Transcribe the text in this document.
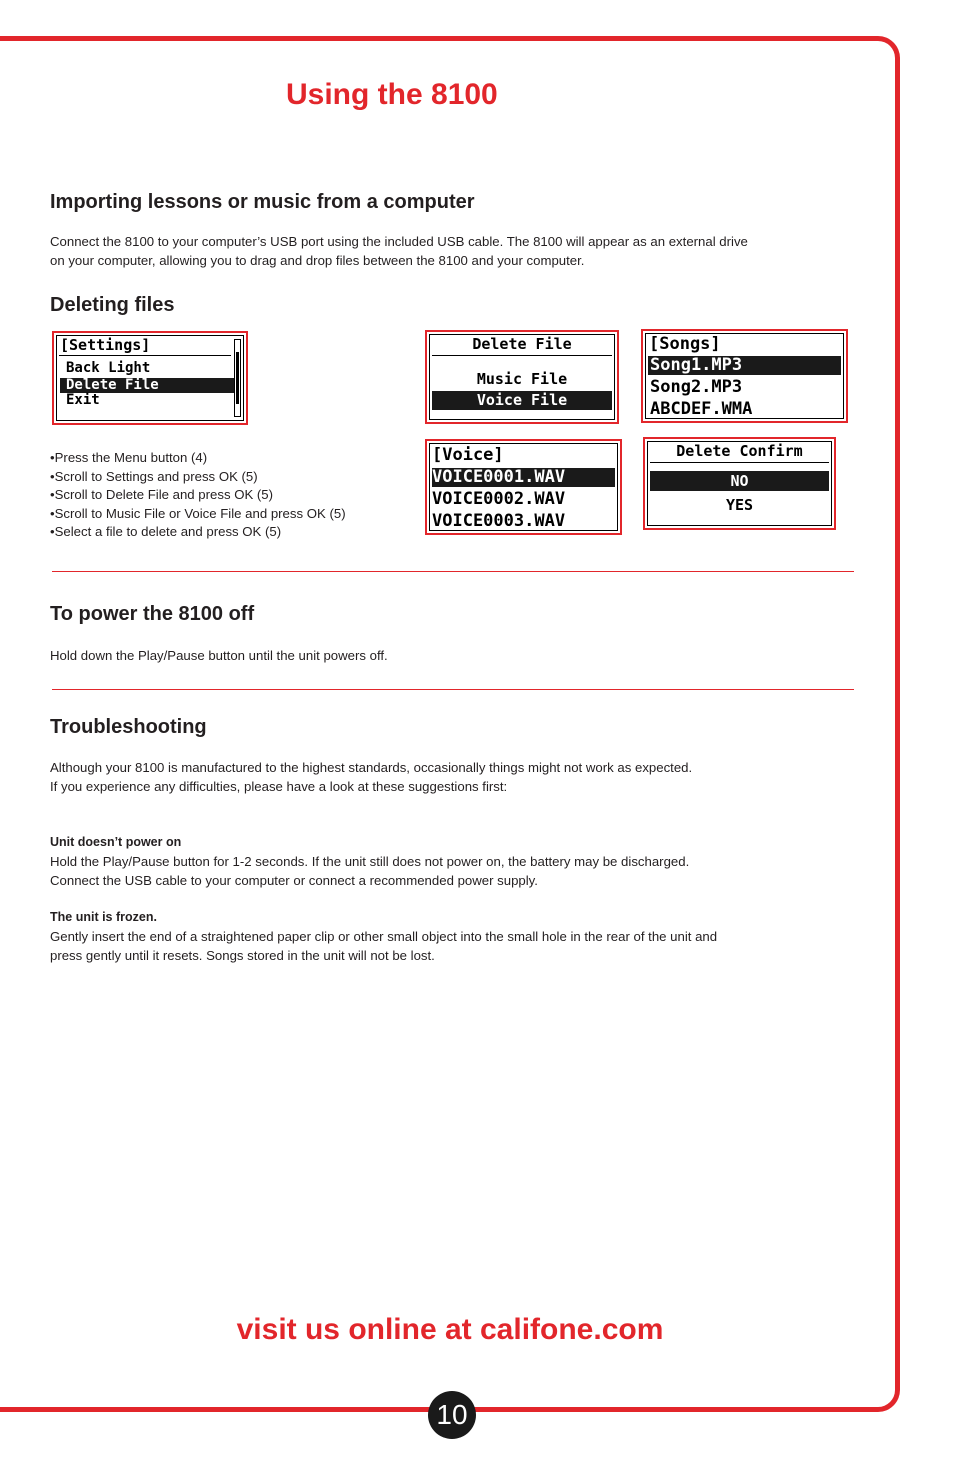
Using the 8100
Importing lessons or music from a computer

Connect the 8100 to your computer’s USB port using the included USB cable. The 8100 will appear as an external drive
on your computer, allowing you to drag and drop files between the 8100 and your computer.

Deleting files
[Settings]
Back Light
Delete File
Exit
• Press the Menu button (4)
• Scroll to Settings and press OK (5)
• Scroll to Delete File and press OK (5)
• Scroll to Music File or Voice File and press OK (5)
• Select a file to delete and press OK (5)
Delete File
Music File
Voice File
[Songs]
Song1.MP3
Song2.MP3
ABCDEF.WMA
[Voice]
VOICE0001.WAV
VOICE0002.WAV
VOICE0003.WAV
Delete Confirm
NO
YES
To power the 8100 off

Hold down the Play/Pause button until the unit powers off.

Troubleshooting

Although your 8100 is manufactured to the highest standards, occasionally things might not work as expected.
If you experience any difficulties, please have a look at these suggestions first:

Unit doesn’t power on
Hold the Play/Pause button for 1-2 seconds. If the unit still does not power on, the battery may be discharged.
Connect the USB cable to your computer or connect a recommended power supply.

The unit is frozen.
Gently insert the end of a straightened paper clip or other small object into the small hole in the rear of the unit and
press gently until it resets. Songs stored in the unit will not be lost.

visit us online at califone.com
10
